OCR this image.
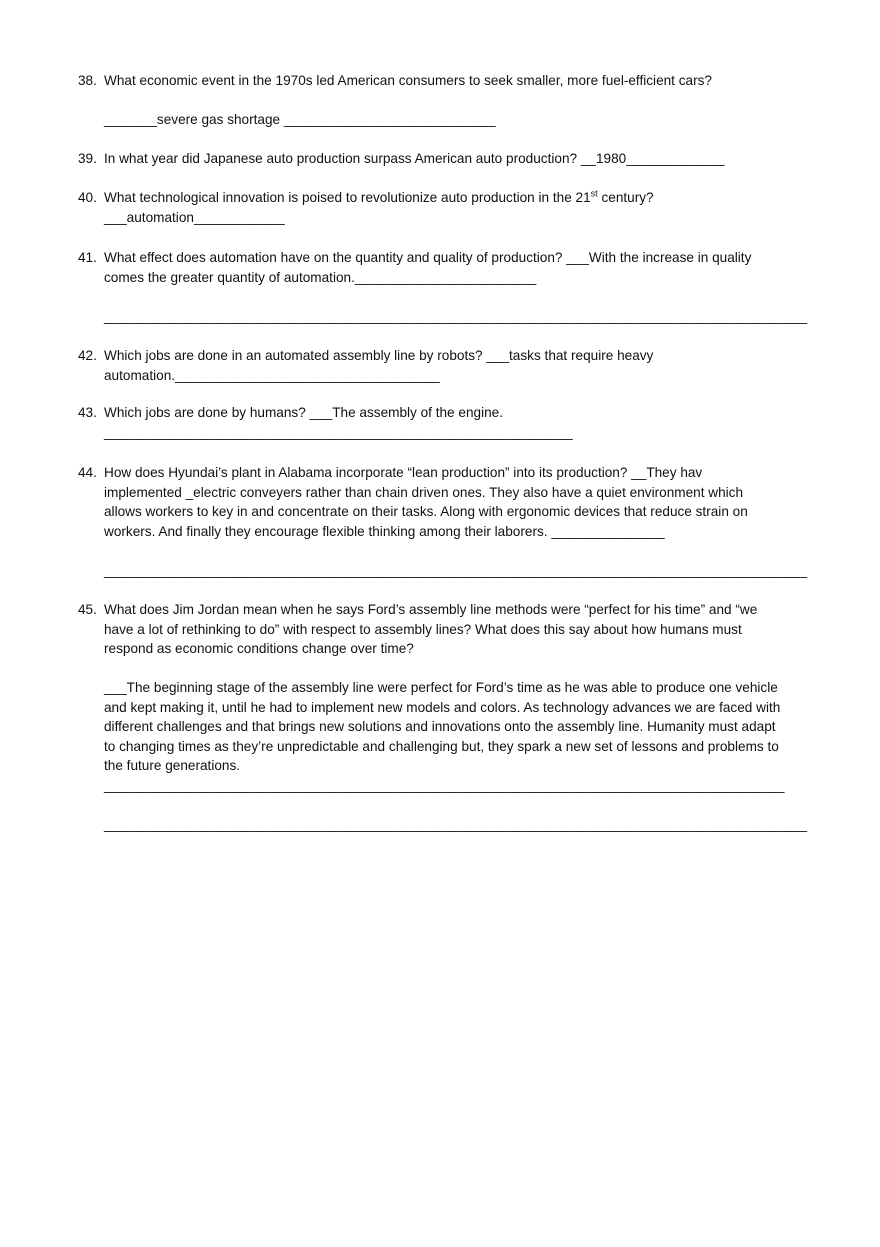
38. What economic event in the 1970s led American consumers to seek smaller, more fuel-efficient cars?
_______severe gas shortage ____________________________
39. In what year did Japanese auto production surpass American auto production? __1980_____________
40. What technological innovation is poised to revolutionize auto production in the 21st century?
___automation____________
41. What effect does automation have on the quantity and quality of production? ___With the increase in quality
comes the greater quantity of automation.________________________
_____________________________________________________________________________________________
42. Which jobs are done in an automated assembly line by robots? ___tasks that require heavy
automation.___________________________________
43. Which jobs are done by humans? ___The assembly of the engine.
______________________________________________________________
44. How does Hyundai’s plant in Alabama incorporate “lean production” into its production? __They hav
implemented _electric conveyers rather than chain driven ones. They also have a quiet environment which
allows workers to key in and concentrate on their tasks. Along with ergonomic devices that reduce strain on
workers. And finally they encourage flexible thinking among their laborers. _______________
_____________________________________________________________________________________________
45. What does Jim Jordan mean when he says Ford’s assembly line methods were “perfect for his time” and “we
have a lot of rethinking to do” with respect to assembly lines? What does this say about how humans must
respond as economic conditions change over time?
___The beginning stage of the assembly line were perfect for Ford’s time as he was able to produce one vehicle
and kept making it, until he had to implement new models and colors. As technology advances we are faced with
different challenges and that brings new solutions and innovations onto the assembly line. Humanity must adapt
to changing times as they’re unpredictable and challenging but, they spark a new set of lessons and problems to
the future generations.
__________________________________________________________________________________________
_____________________________________________________________________________________________
